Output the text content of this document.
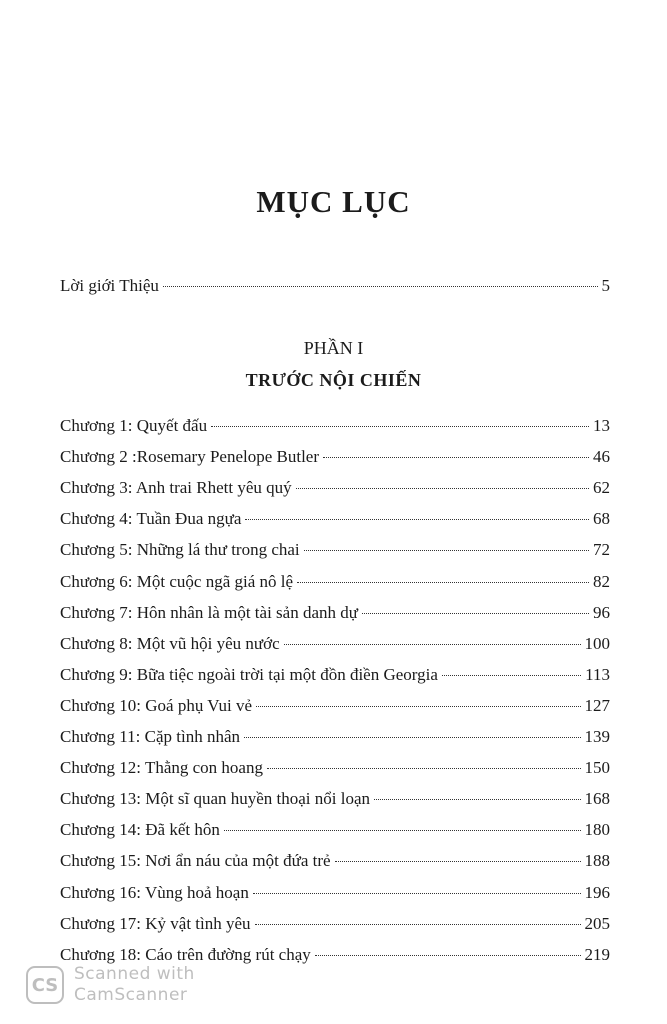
MỤC LỤC
Lời giới Thiệu	5
PHẦN I
TRƯỚC NỘI CHIẾN
Chương 1: Quyết đấu	13
Chương 2 :Rosemary Penelope Butler	46
Chương 3: Anh trai Rhett yêu quý	62
Chương 4: Tuần Đua ngựa	68
Chương 5: Những lá thư trong chai	72
Chương 6: Một cuộc ngã giá nô lệ	82
Chương 7: Hôn nhân là một tài sản danh dự	96
Chương 8: Một vũ hội yêu nước	100
Chương 9: Bữa tiệc ngoài trời tại một đồn điền Georgia	113
Chương 10: Goá phụ Vui vẻ	127
Chương 11: Cặp tình nhân	139
Chương 12: Thằng con hoang	150
Chương 13: Một sĩ quan huyền thoại nổi loạn	168
Chương 14: Đã kết hôn	180
Chương 15: Nơi ẩn náu của một đứa trẻ	188
Chương 16: Vùng hoả hoạn	196
Chương 17: Kỷ vật tình yêu	205
Chương 18: Cáo trên đường rút chạy	219
CS
Scanned with
CamScanner
